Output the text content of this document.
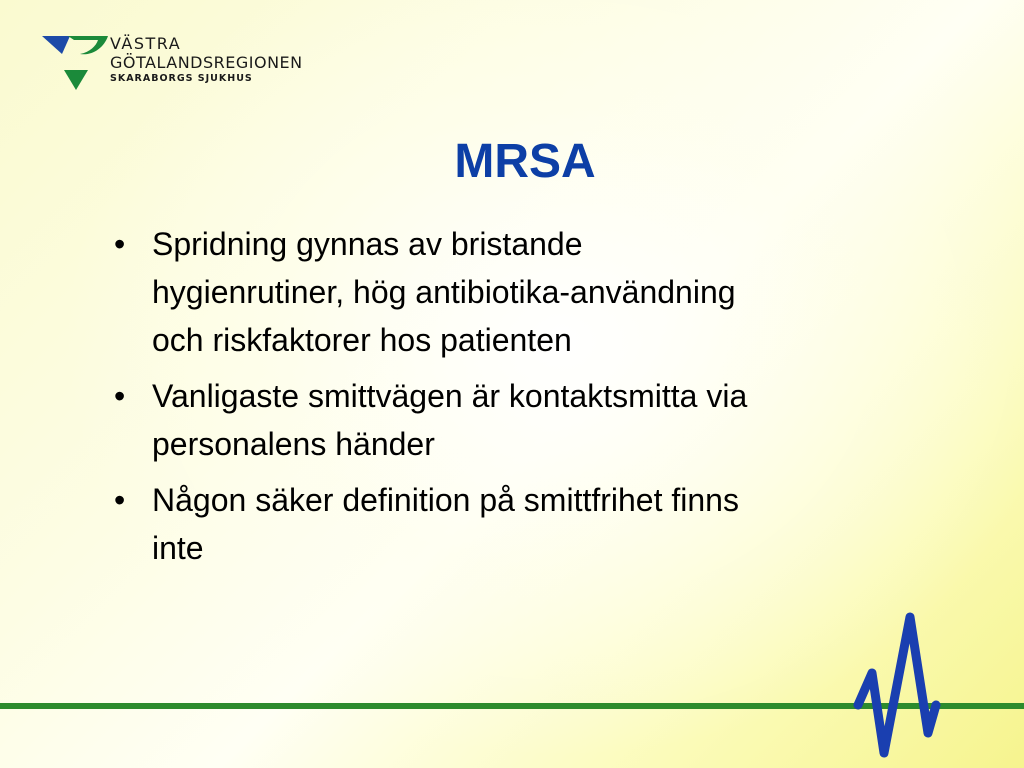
VÄSTRA
GÖTALANDSREGIONEN
SKARABORGS SJUKHUS
MRSA
• Spridning gynnas av bristande
hygienrutiner, hög antibiotika-användning
och riskfaktorer hos patienten
• Vanligaste smittvägen är kontaktsmitta via
personalens händer
• Någon säker definition på smittfrihet finns
inte
